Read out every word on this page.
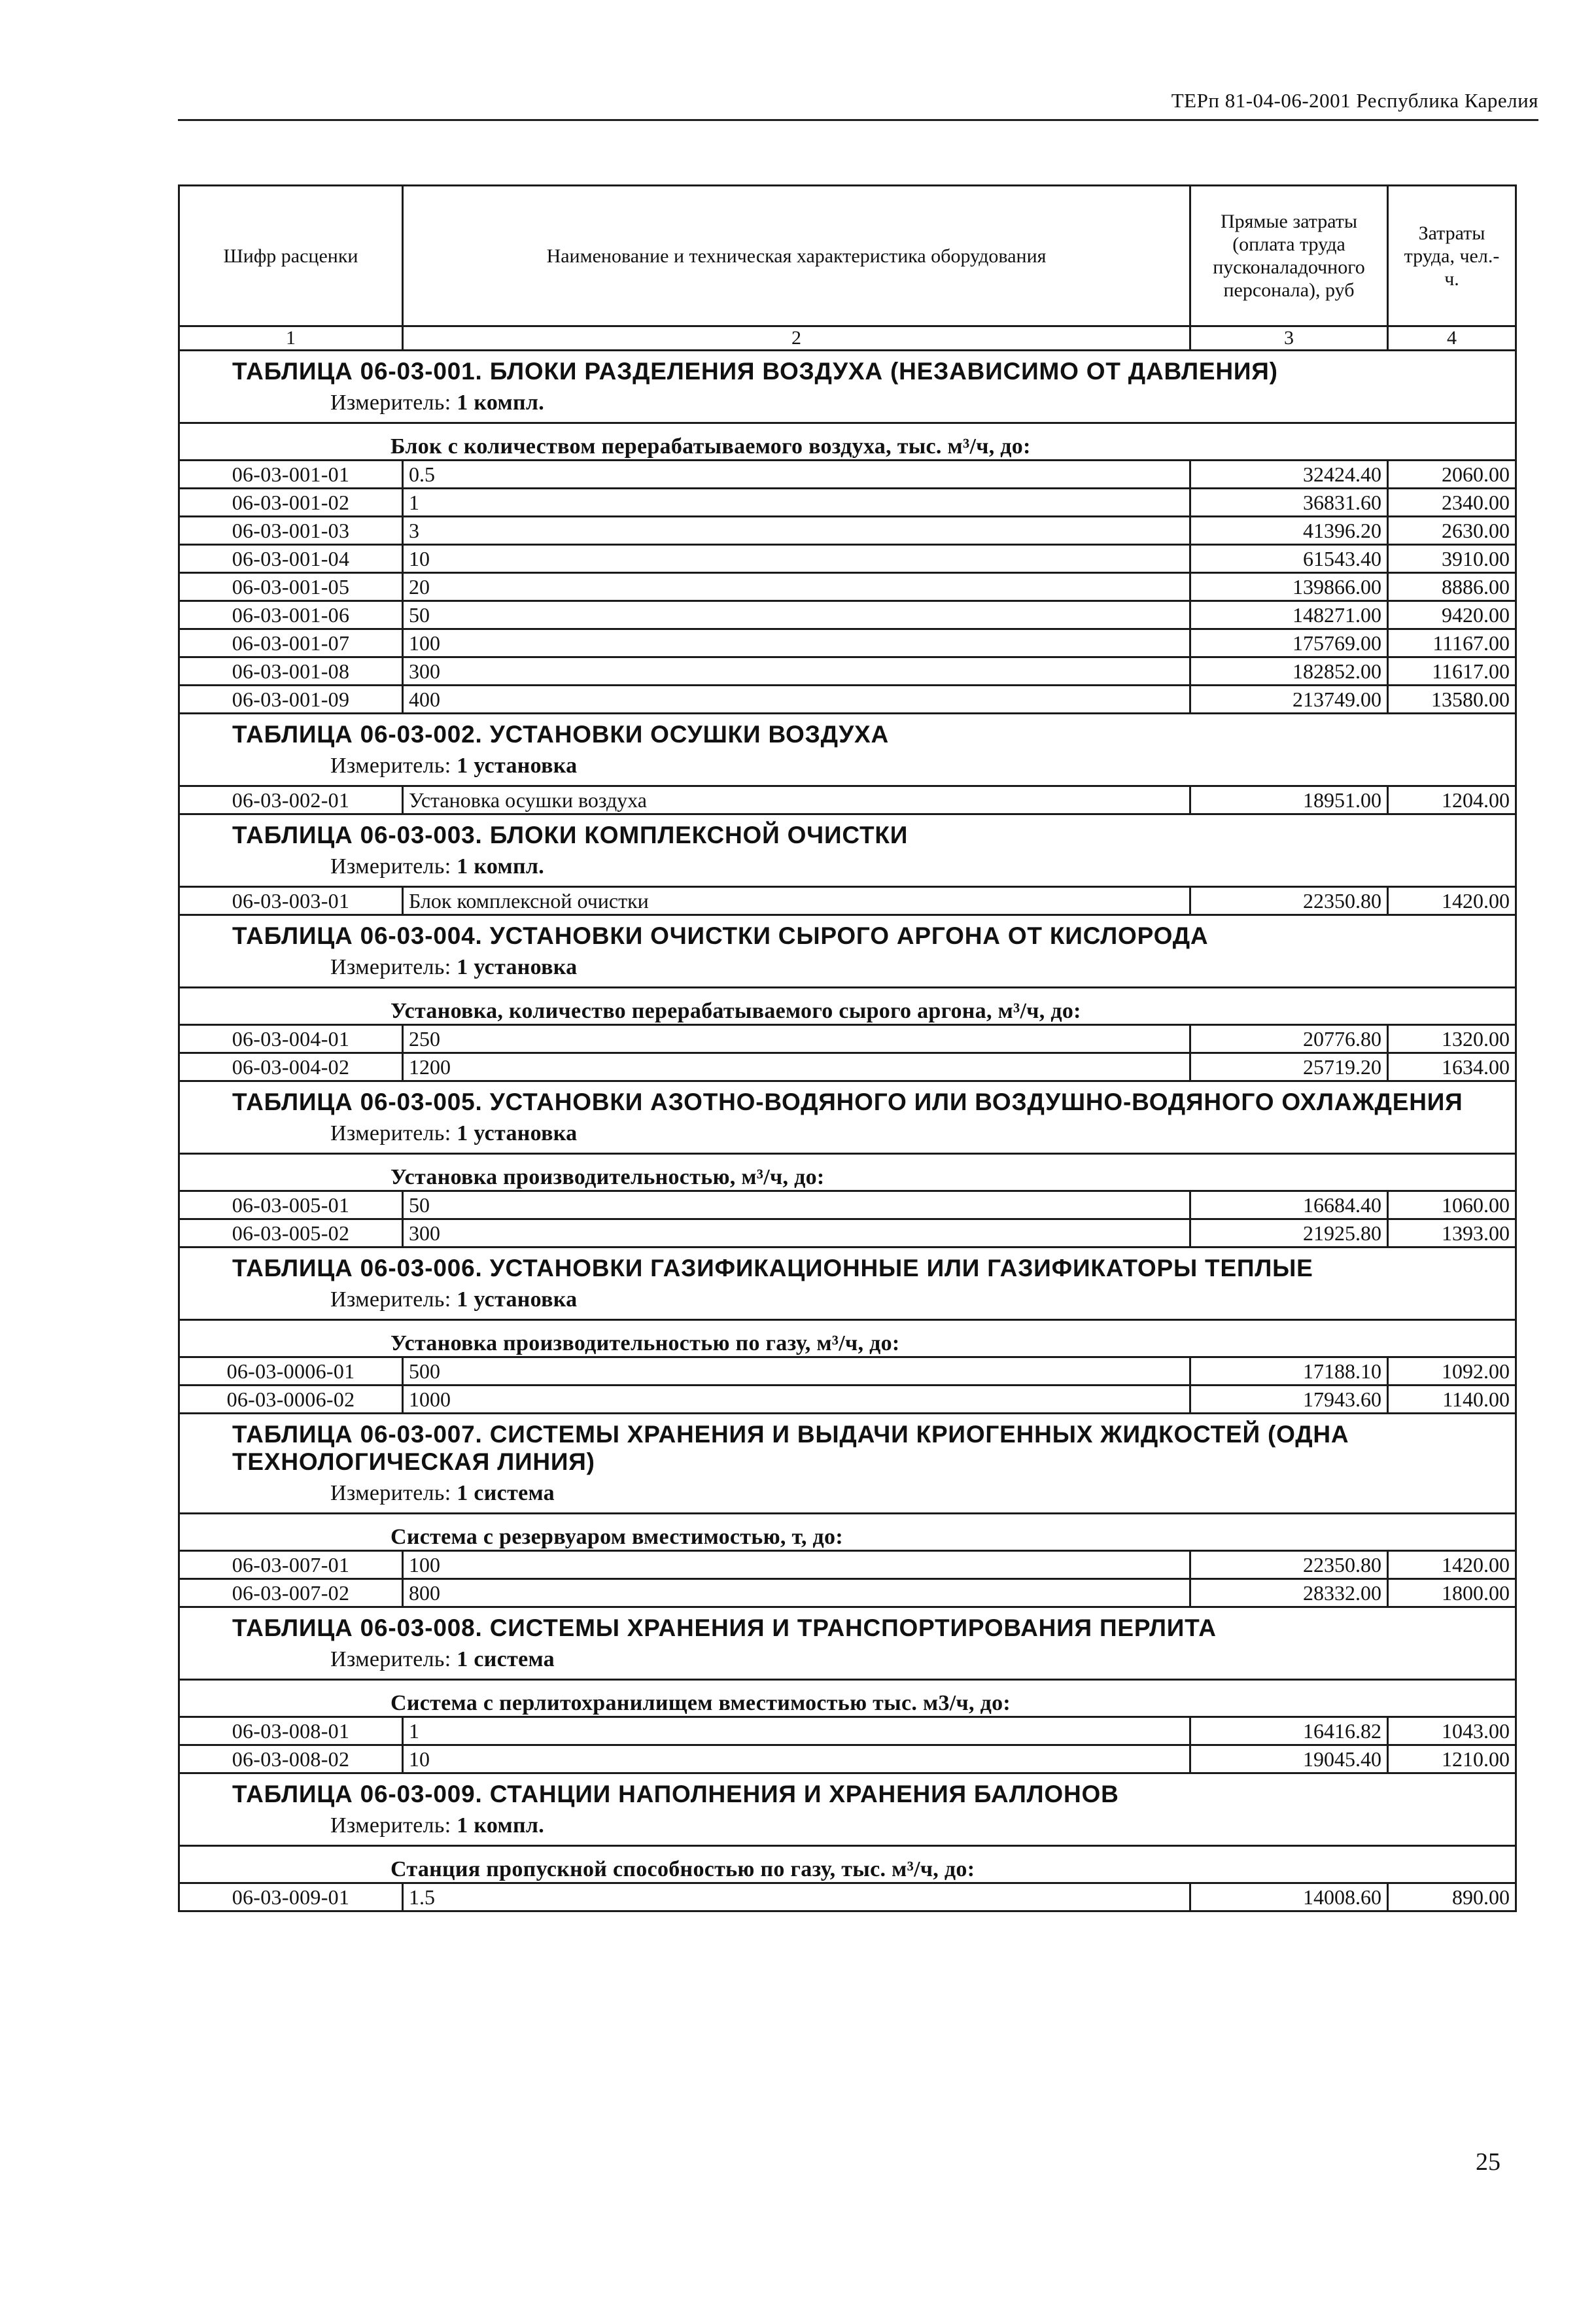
ТЕРп 81-04-06-2001 Республика Карелия
Шифр расценки	Наименование и техническая характеристика оборудования	Прямые затраты (оплата труда пусконаладочного персонала), руб	Затраты труда, чел.-ч.
1	2	3	4
ТАБЛИЦА 06-03-001. БЛОКИ РАЗДЕЛЕНИЯ ВОЗДУХА (НЕЗАВИСИМО ОТ ДАВЛЕНИЯ)
Измеритель: 1 компл.			

Блок с количеством перерабатываемого воздуха, тыс. м³/ч, до:			
06-03-001-01	0.5	32424.40	2060.00
06-03-001-02	1	36831.60	2340.00
06-03-001-03	3	41396.20	2630.00
06-03-001-04	10	61543.40	3910.00
06-03-001-05	20	139866.00	8886.00
06-03-001-06	50	148271.00	9420.00
06-03-001-07	100	175769.00	11167.00
06-03-001-08	300	182852.00	11617.00
06-03-001-09	400	213749.00	13580.00
ТАБЛИЦА 06-03-002. УСТАНОВКИ ОСУШКИ ВОЗДУХА
Измеритель: 1 установка			

06-03-002-01	Установка осушки воздуха	18951.00	1204.00
ТАБЛИЦА 06-03-003. БЛОКИ КОМПЛЕКСНОЙ ОЧИСТКИ
Измеритель: 1 компл.			

06-03-003-01	Блок комплексной очистки	22350.80	1420.00
ТАБЛИЦА 06-03-004. УСТАНОВКИ ОЧИСТКИ СЫРОГО АРГОНА ОТ КИСЛОРОДА
Измеритель: 1 установка			

Установка, количество перерабатываемого сырого аргона, м³/ч, до:			
06-03-004-01	250	20776.80	1320.00
06-03-004-02	1200	25719.20	1634.00
ТАБЛИЦА 06-03-005. УСТАНОВКИ АЗОТНО-ВОДЯНОГО ИЛИ ВОЗДУШНО-ВОДЯНОГО ОХЛАЖДЕНИЯ
Измеритель: 1 установка			

Установка производительностью, м³/ч, до:			
06-03-005-01	50	16684.40	1060.00
06-03-005-02	300	21925.80	1393.00
ТАБЛИЦА 06-03-006. УСТАНОВКИ ГАЗИФИКАЦИОННЫЕ ИЛИ ГАЗИФИКАТОРЫ ТЕПЛЫЕ
Измеритель: 1 установка			

Установка производительностью по газу, м³/ч, до:			
06-03-0006-01	500	17188.10	1092.00
06-03-0006-02	1000	17943.60	1140.00
ТАБЛИЦА 06-03-007. СИСТЕМЫ ХРАНЕНИЯ И ВЫДАЧИ КРИОГЕННЫХ ЖИДКОСТЕЙ (ОДНА ТЕХНОЛОГИЧЕСКАЯ ЛИНИЯ)
Измеритель: 1 система			

Система с резервуаром вместимостью, т, до:			
06-03-007-01	100	22350.80	1420.00
06-03-007-02	800	28332.00	1800.00
ТАБЛИЦА 06-03-008. СИСТЕМЫ ХРАНЕНИЯ И ТРАНСПОРТИРОВАНИЯ ПЕРЛИТА
Измеритель: 1 система			

Система с перлитохранилищем вместимостью тыс. м3/ч, до:			
06-03-008-01	1	16416.82	1043.00
06-03-008-02	10	19045.40	1210.00
ТАБЛИЦА 06-03-009. СТАНЦИИ НАПОЛНЕНИЯ И ХРАНЕНИЯ БАЛЛОНОВ
Измеритель: 1 компл.			

Станция пропускной способностью по газу, тыс. м³/ч, до:			
06-03-009-01	1.5	14008.60	890.00
25
